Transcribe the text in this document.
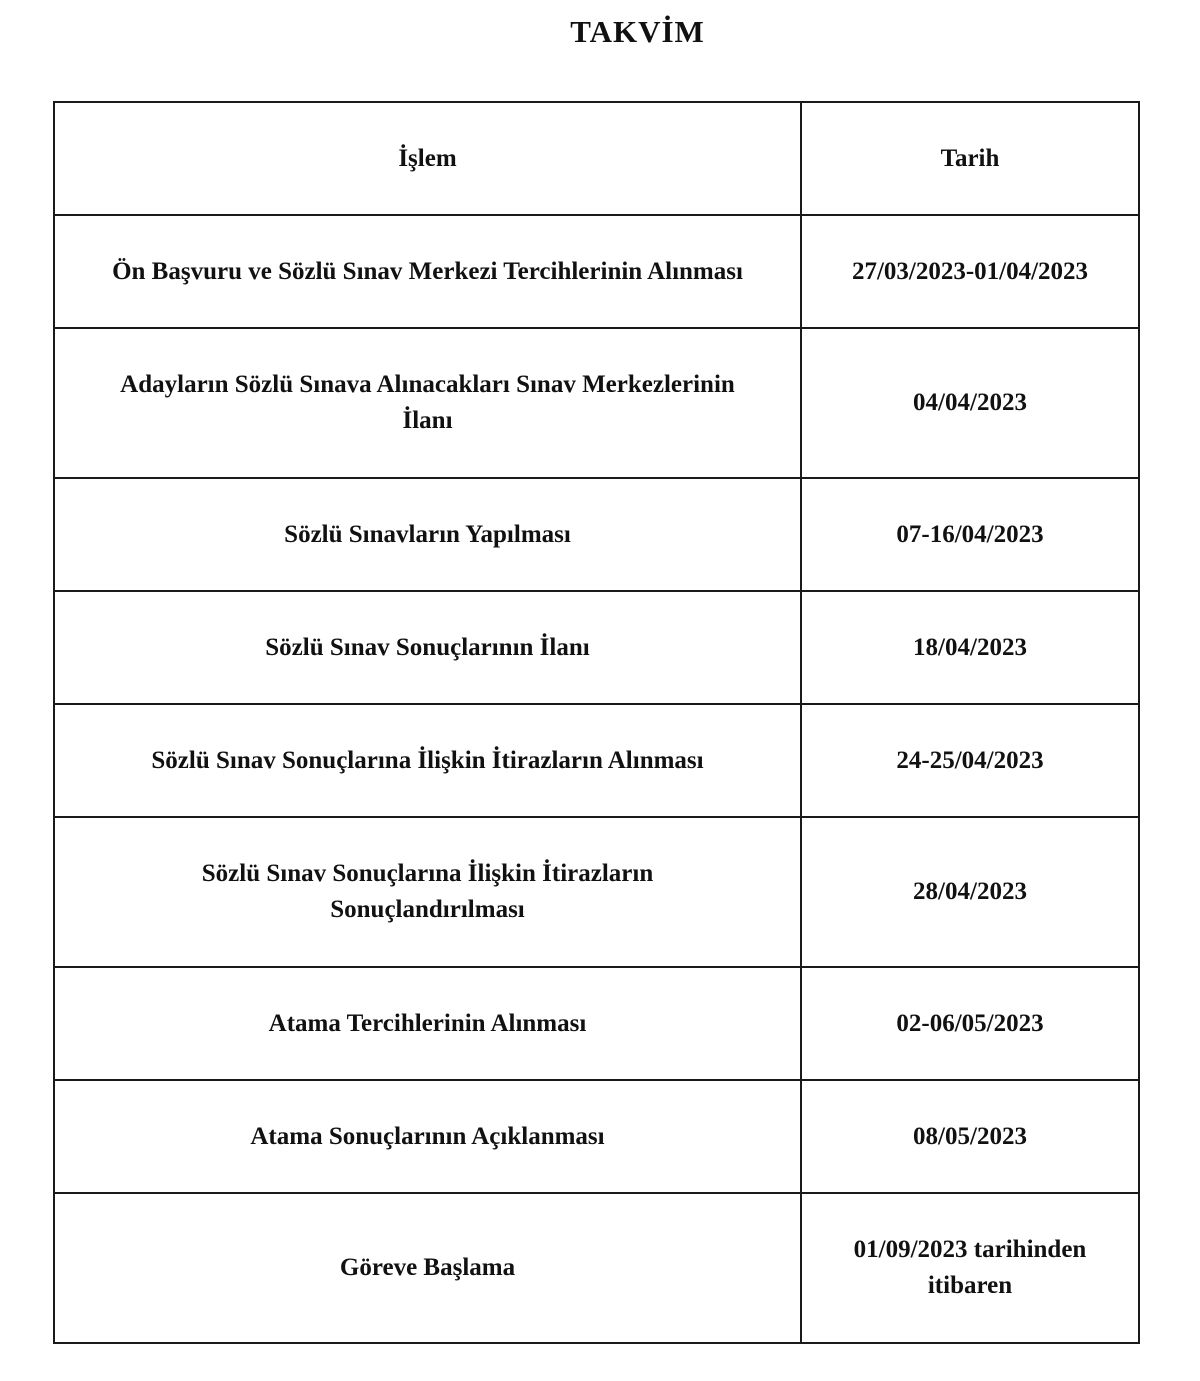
TAKVİM
İşlem	Tarih
Ön Başvuru ve Sözlü Sınav Merkezi Tercihlerinin Alınması	27/03/2023-01/04/2023
Adayların Sözlü Sınava Alınacakları Sınav Merkezlerinin İlanı	04/04/2023
Sözlü Sınavların Yapılması	07-16/04/2023
Sözlü Sınav Sonuçlarının İlanı	18/04/2023
Sözlü Sınav Sonuçlarına İlişkin İtirazların Alınması	24-25/04/2023
Sözlü Sınav Sonuçlarına İlişkin İtirazların Sonuçlandırılması	28/04/2023
Atama Tercihlerinin Alınması	02-06/05/2023
Atama Sonuçlarının Açıklanması	08/05/2023
Göreve Başlama	01/09/2023 tarihinden itibaren
